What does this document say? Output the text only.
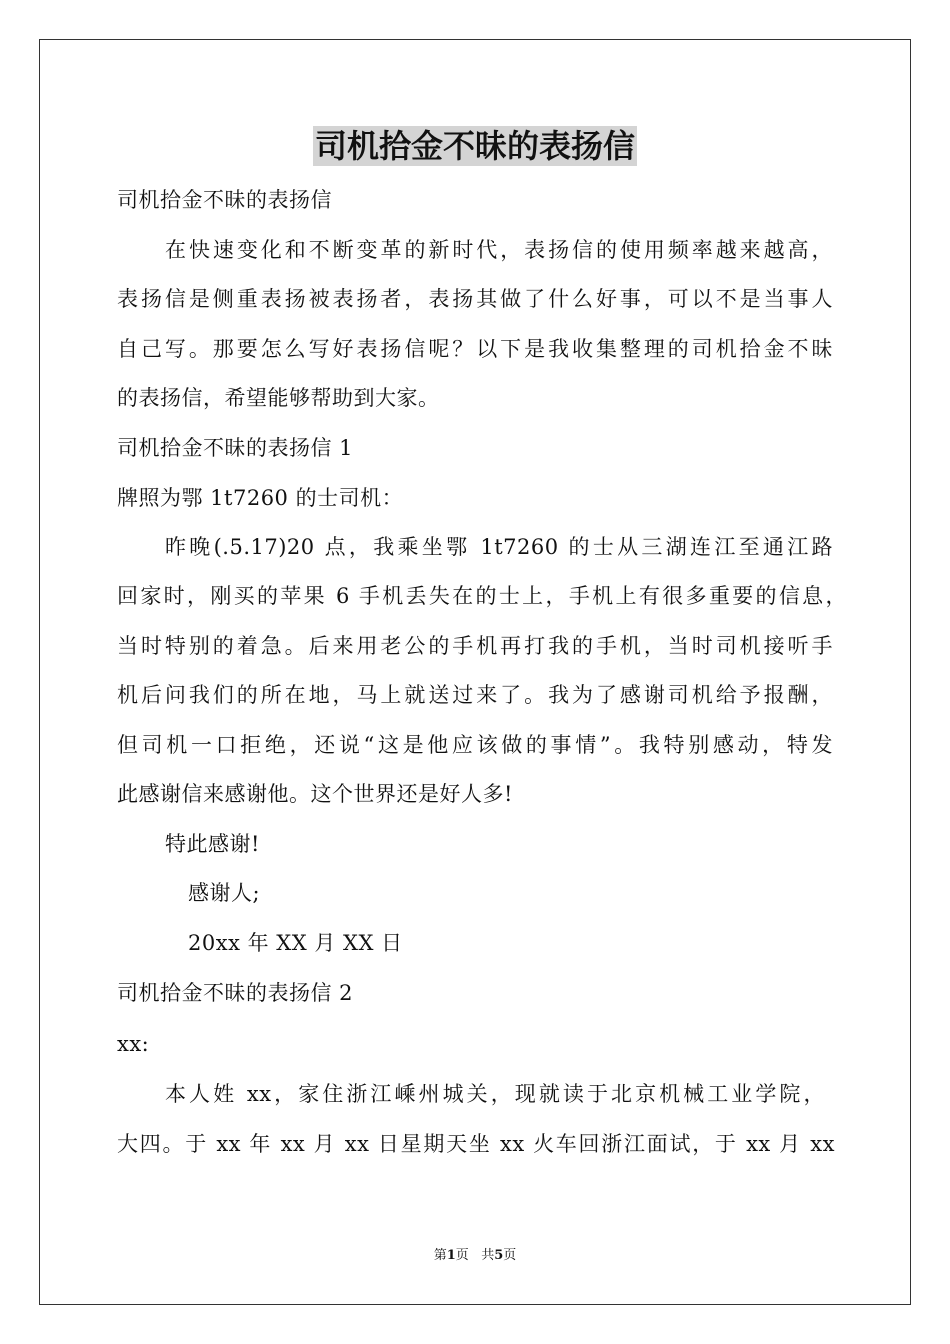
司机拾金不昧的表扬信
司机拾金不昧的表扬信
在快速变化和不断变革的新时代，表扬信的使用频率越来越高，
表扬信是侧重表扬被表扬者，表扬其做了什么好事，可以不是当事人
自己写。那要怎么写好表扬信呢？以下是我收集整理的司机拾金不昧
的表扬信，希望能够帮助到大家。
司机拾金不昧的表扬信 1
牌照为鄂 1t7260 的士司机：
昨晚(.5.17)20 点，我乘坐鄂 1t7260 的士从三湖连江至通江路
回家时，刚买的苹果 6 手机丢失在的士上，手机上有很多重要的信息，
当时特别的着急。后来用老公的手机再打我的手机，当时司机接听手
机后问我们的所在地，马上就送过来了。我为了感谢司机给予报酬，
但司机一口拒绝，还说“这是他应该做的事情”。我特别感动，特发
此感谢信来感谢他。这个世界还是好人多!
特此感谢!
感谢人;
20xx 年 XX 月 XX 日
司机拾金不昧的表扬信 2
xx:
本人姓 xx，家住浙江嵊州城关，现就读于北京机械工业学院，
大四。于 xx 年 xx 月 xx 日星期天坐 xx 火车回浙江面试，于 xx 月 xx
第1页 共5页
